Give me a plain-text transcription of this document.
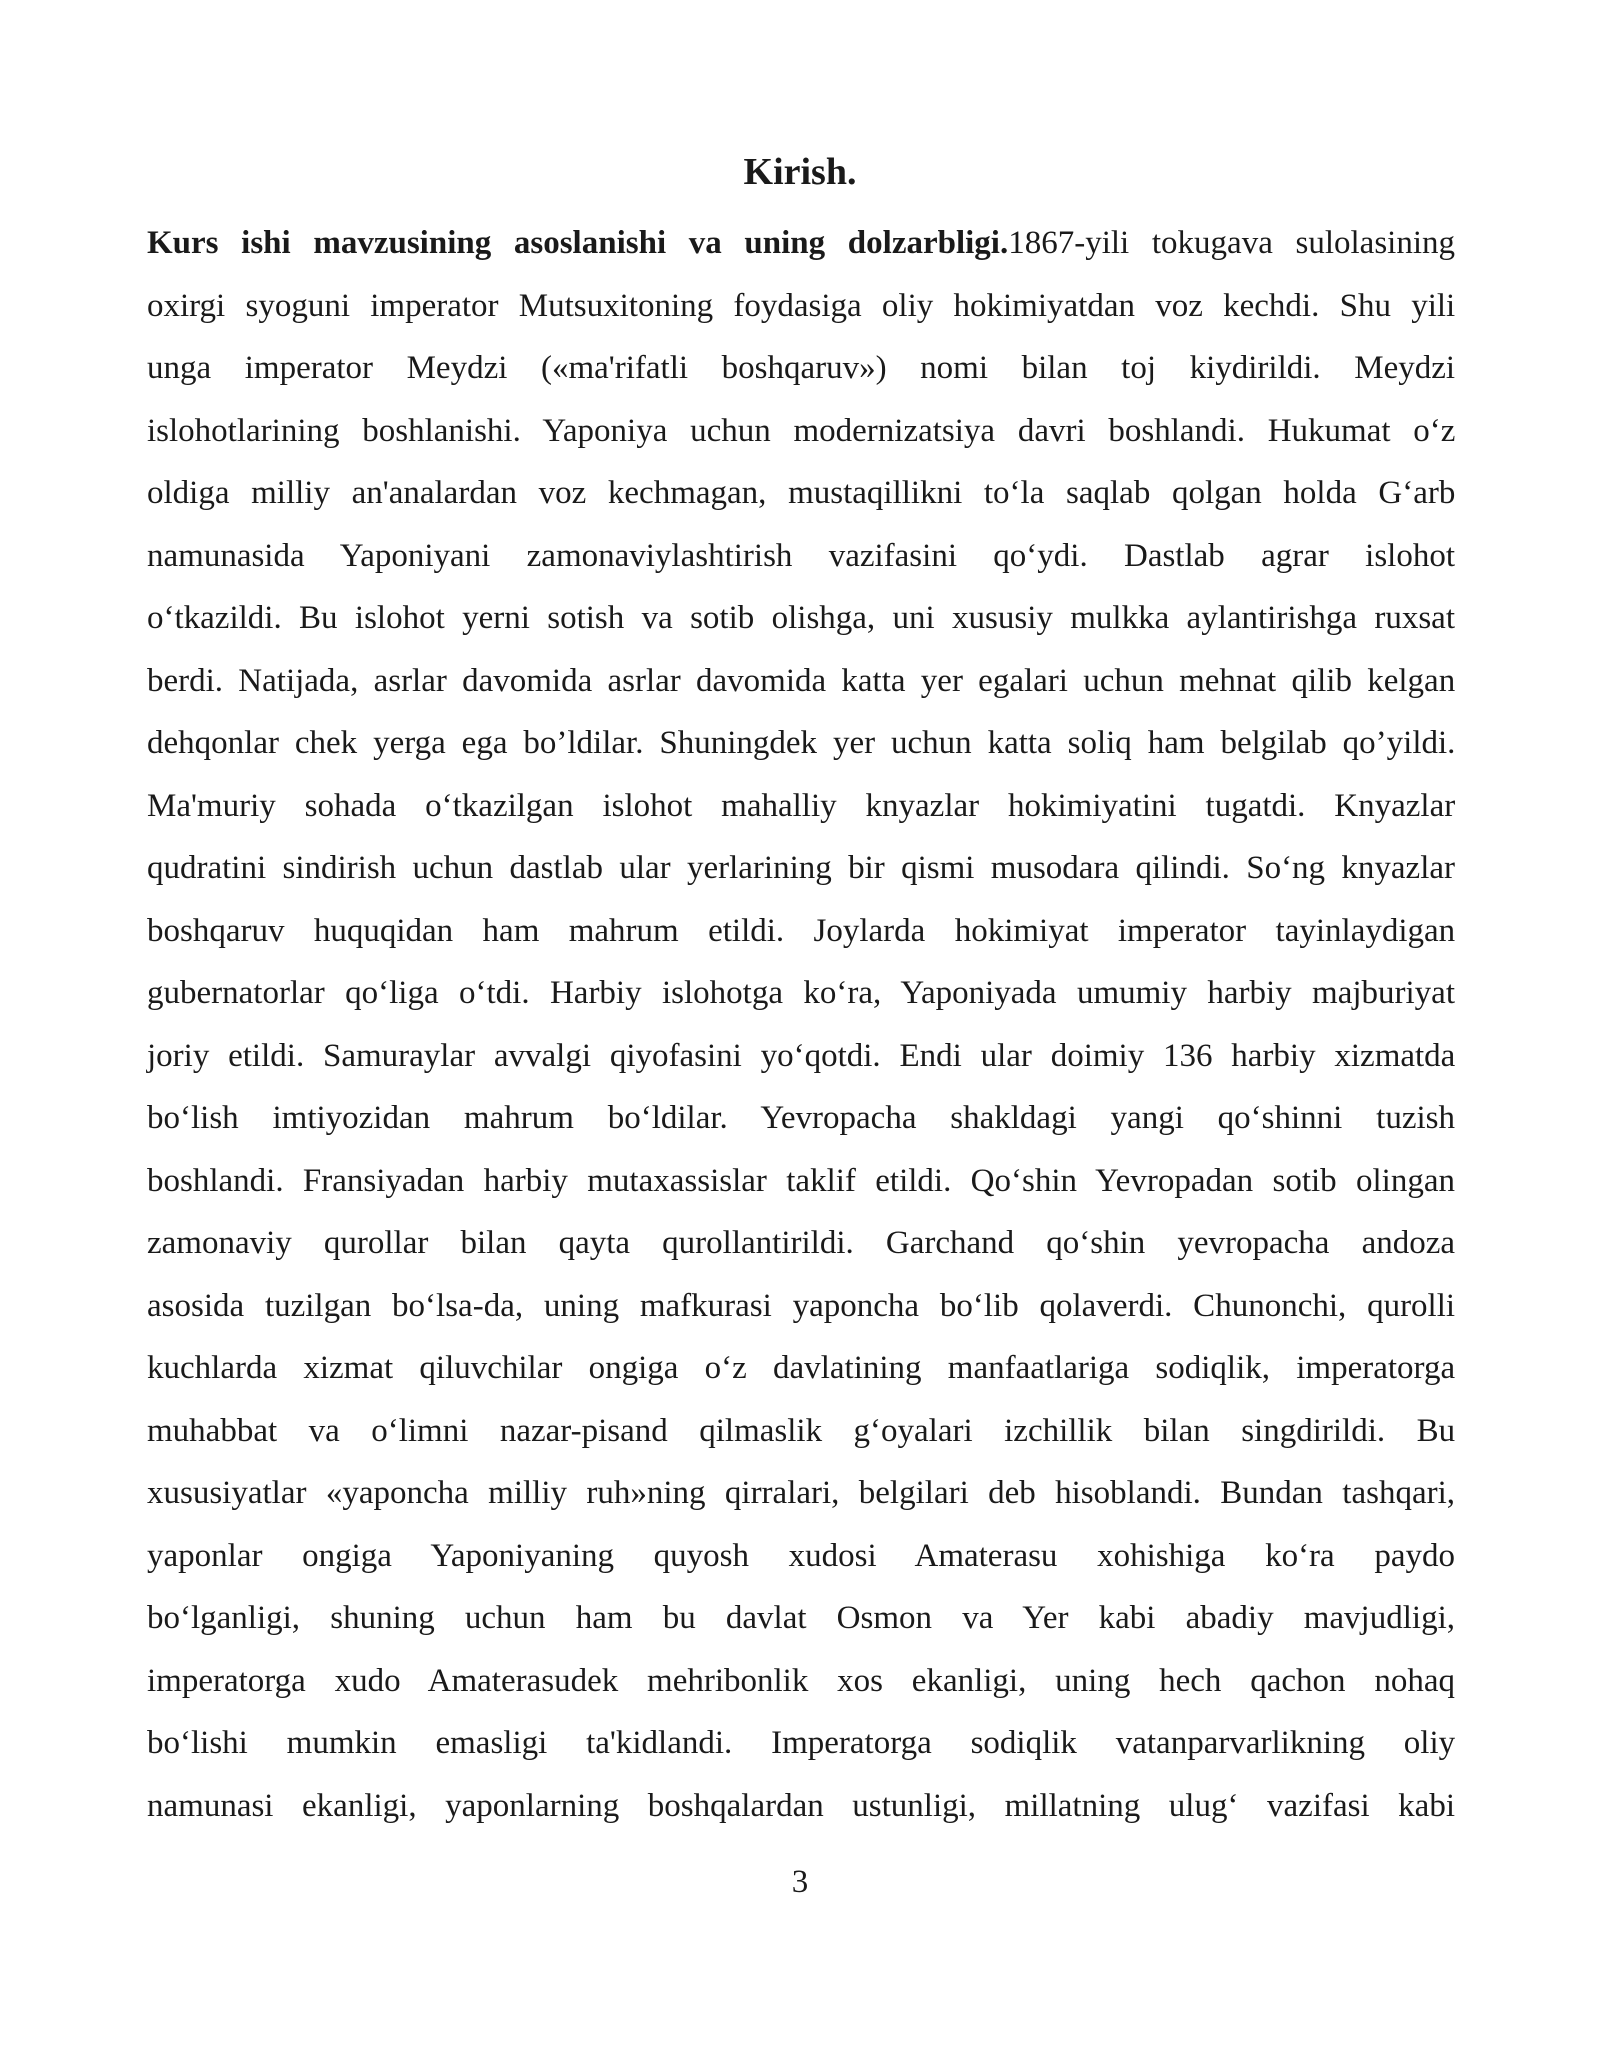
Kirish.
Kurs ishi mavzusining asoslanishi va uning dolzarbligi.1867-yili tokugava sulolasining
oxirgi syoguni imperator Mutsuxitoning foydasiga oliy hokimiyatdan voz kechdi. Shu yili
unga imperator Meydzi («ma'rifatli boshqaruv») nomi bilan toj kiydirildi. Meydzi
islohotlarining boshlanishi. Yaponiya uchun modernizatsiya davri boshlandi. Hukumat o‘z
oldiga milliy an'analardan voz kechmagan, mustaqillikni to‘la saqlab qolgan holda G‘arb
namunasida Yaponiyani zamonaviylashtirish vazifasini qo‘ydi. Dastlab agrar islohot
o‘tkazildi. Bu islohot yerni sotish va sotib olishga, uni xususiy mulkka aylantirishga ruxsat
berdi. Natijada, asrlar davomida asrlar davomida katta yer egalari uchun mehnat qilib kelgan
dehqonlar chek yerga ega bo’ldilar. Shuningdek yer uchun katta soliq ham belgilab qo’yildi.
Ma'muriy sohada o‘tkazilgan islohot mahalliy knyazlar hokimiyatini tugatdi. Knyazlar
qudratini sindirish uchun dastlab ular yerlarining bir qismi musodara qilindi. So‘ng knyazlar
boshqaruv huquqidan ham mahrum etildi. Joylarda hokimiyat imperator tayinlaydigan
gubernatorlar qo‘liga o‘tdi. Harbiy islohotga ko‘ra, Yaponiyada umumiy harbiy majburiyat
joriy etildi. Samuraylar avvalgi qiyofasini yo‘qotdi. Endi ular doimiy 136 harbiy xizmatda
bo‘lish imtiyozidan mahrum bo‘ldilar. Yevropacha shakldagi yangi qo‘shinni tuzish
boshlandi. Fransiyadan harbiy mutaxassislar taklif etildi. Qo‘shin Yevropadan sotib olingan
zamonaviy qurollar bilan qayta qurollantirildi. Garchand qo‘shin yevropacha andoza
asosida tuzilgan bo‘lsa-da, uning mafkurasi yaponcha bo‘lib qolaverdi. Chunonchi, qurolli
kuchlarda xizmat qiluvchilar ongiga o‘z davlatining manfaatlariga sodiqlik, imperatorga
muhabbat va o‘limni nazar-pisand qilmaslik g‘oyalari izchillik bilan singdirildi. Bu
xususiyatlar «yaponcha milliy ruh»ning qirralari, belgilari deb hisoblandi. Bundan tashqari,
yaponlar ongiga Yaponiyaning quyosh xudosi Amaterasu xohishiga ko‘ra paydo
bo‘lganligi, shuning uchun ham bu davlat Osmon va Yer kabi abadiy mavjudligi,
imperatorga xudo Amaterasudek mehribonlik xos ekanligi, uning hech qachon nohaq
bo‘lishi mumkin emasligi ta'kidlandi. Imperatorga sodiqlik vatanparvarlikning oliy
namunasi ekanligi, yaponlarning boshqalardan ustunligi, millatning ulug‘ vazifasi kabi
3
